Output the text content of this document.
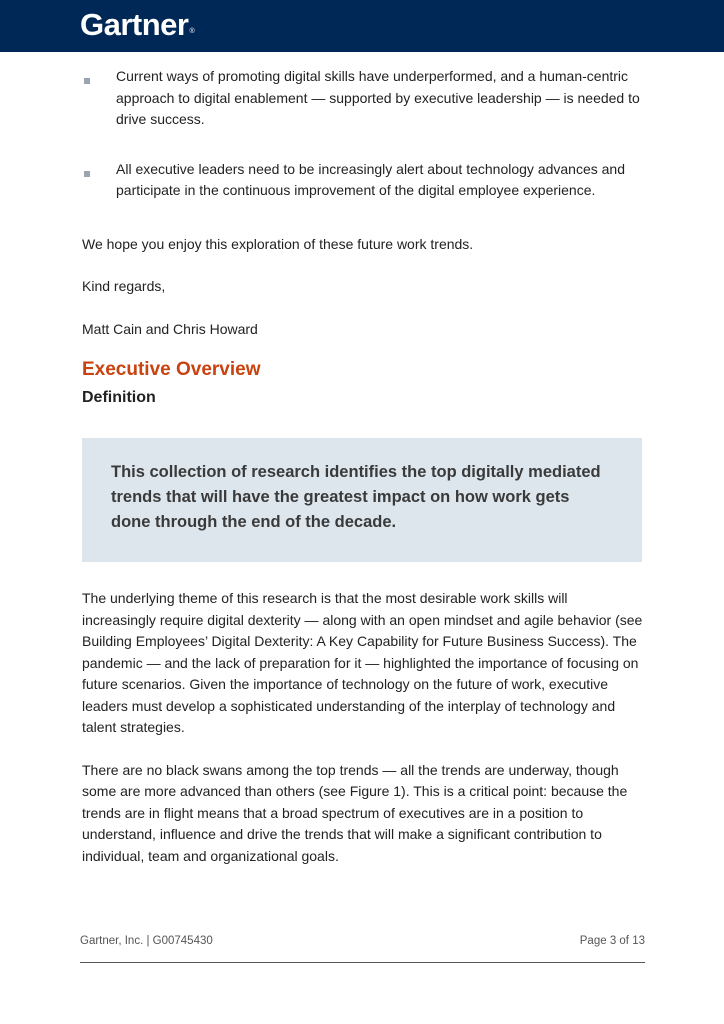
Gartner®
Current ways of promoting digital skills have underperformed, and a human-centric approach to digital enablement — supported by executive leadership — is needed to drive success.
All executive leaders need to be increasingly alert about technology advances and participate in the continuous improvement of the digital employee experience.

We hope you enjoy this exploration of these future work trends.

Kind regards,

Matt Cain and Chris Howard

Executive Overview
Definition
This collection of research identifies the top digitally mediated trends that will have the greatest impact on how work gets done through the end of the decade.

The underlying theme of this research is that the most desirable work skills will increasingly require digital dexterity — along with an open mindset and agile behavior (see Building Employees’ Digital Dexterity: A Key Capability for Future Business Success). The pandemic — and the lack of preparation for it — highlighted the importance of focusing on future scenarios. Given the importance of technology on the future of work, executive leaders must develop a sophisticated understanding of the interplay of technology and talent strategies.

There are no black swans among the top trends — all the trends are underway, though some are more advanced than others (see Figure 1). This is a critical point: because the trends are in flight means that a broad spectrum of executives are in a position to understand, influence and drive the trends that will make a significant contribution to individual, team and organizational goals.

Gartner, Inc. | G00745430	Page 3 of 13
